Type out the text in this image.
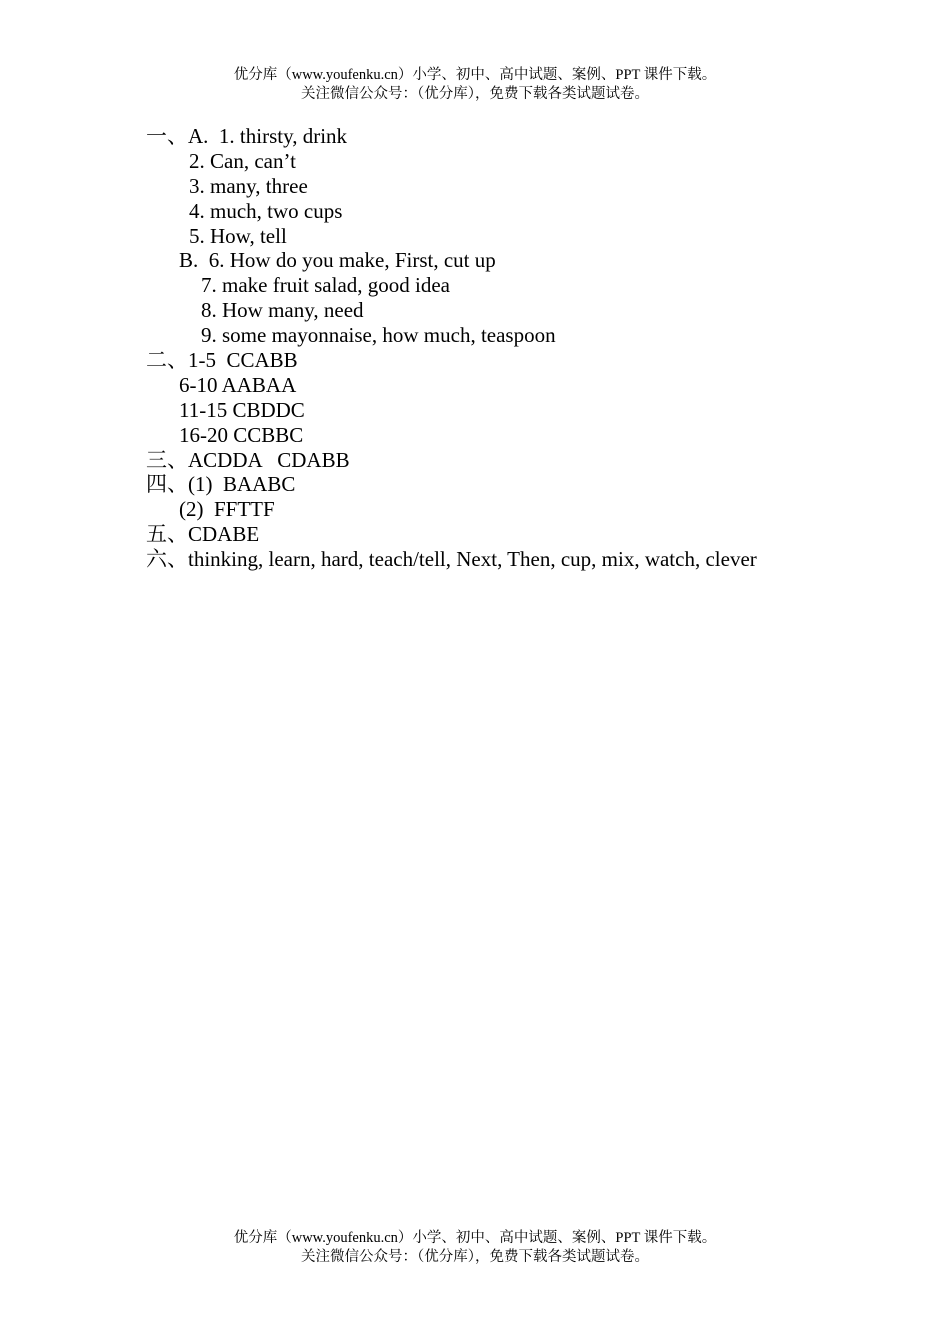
优分库（www.youfenku.cn）小学、初中、高中试题、案例、PPT 课件下载。
关注微信公众号：（优分库），免费下载各类试题试卷。
一、A.  1. thirsty, drink
2. Can, can’t
3. many, three
4. much, two cups
5. How, tell
B.  6. How do you make, First, cut up
7. make fruit salad, good idea
8. How many, need
9. some mayonnaise, how much, teaspoon
二、1-5  CCABB
6-10 AABAA
11-15 CBDDC
16-20 CCBBC
三、ACDDA   CDABB
四、(1)  BAABC
(2)  FFTTF
五、CDABE
六、thinking, learn, hard, teach/tell, Next, Then, cup, mix, watch, clever
优分库（www.youfenku.cn）小学、初中、高中试题、案例、PPT 课件下载。
关注微信公众号：（优分库），免费下载各类试题试卷。
